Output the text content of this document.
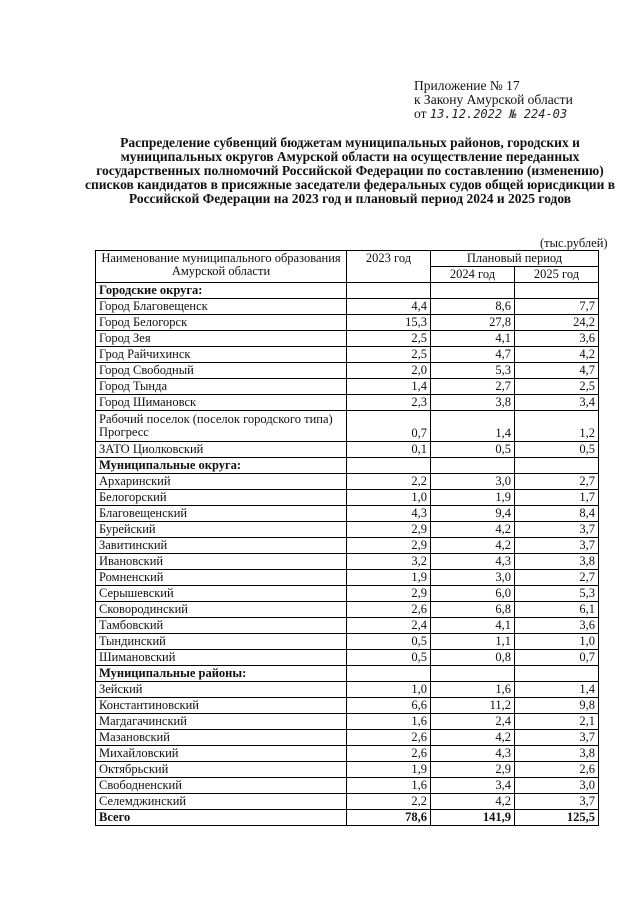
Приложение № 17
к Закону Амурской области
от 13.12.2022 № 224-03
Распределение субвенций бюджетам муниципальных районов, городских и муниципальных округов Амурской области на осуществление переданных государственных полномочий Российской Федерации по составлению (изменению) списков кандидатов в присяжные заседатели федеральных судов общей юрисдикции в Российской Федерации на 2023 год и плановый период 2024 и 2025 годов
(тыс.рублей)
Наименование муниципального образования Амурской области	2023 год	Плановый период	
		2024 год	2025 год
Городские округа:			
Город Благовещенск	4,4	8,6	7,7
Город Белогорск	15,3	27,8	24,2
Город Зея	2,5	4,1	3,6
Грод Райчихинск	2,5	4,7	4,2
Город Свободный	2,0	5,3	4,7
Город Тында	1,4	2,7	2,5
Город Шимановск	2,3	3,8	3,4
Рабочий поселок (поселок городского типа) Прогресс	0,7	1,4	1,2
ЗАТО Циолковский	0,1	0,5	0,5
Муниципальные округа:			
Архаринский	2,2	3,0	2,7
Белогорский	1,0	1,9	1,7
Благовещенский	4,3	9,4	8,4
Бурейский	2,9	4,2	3,7
Завитинский	2,9	4,2	3,7
Ивановский	3,2	4,3	3,8
Ромненский	1,9	3,0	2,7
Серышевский	2,9	6,0	5,3
Сковородинский	2,6	6,8	6,1
Тамбовский	2,4	4,1	3,6
Тындинский	0,5	1,1	1,0
Шимановский	0,5	0,8	0,7
Муниципальные районы:			
Зейский	1,0	1,6	1,4
Константиновский	6,6	11,2	9,8
Магдагачинский	1,6	2,4	2,1
Мазановский	2,6	4,2	3,7
Михайловский	2,6	4,3	3,8
Октябрьский	1,9	2,9	2,6
Свободненский	1,6	3,4	3,0
Селемджинский	2,2	4,2	3,7
Всего	78,6	141,9	125,5
